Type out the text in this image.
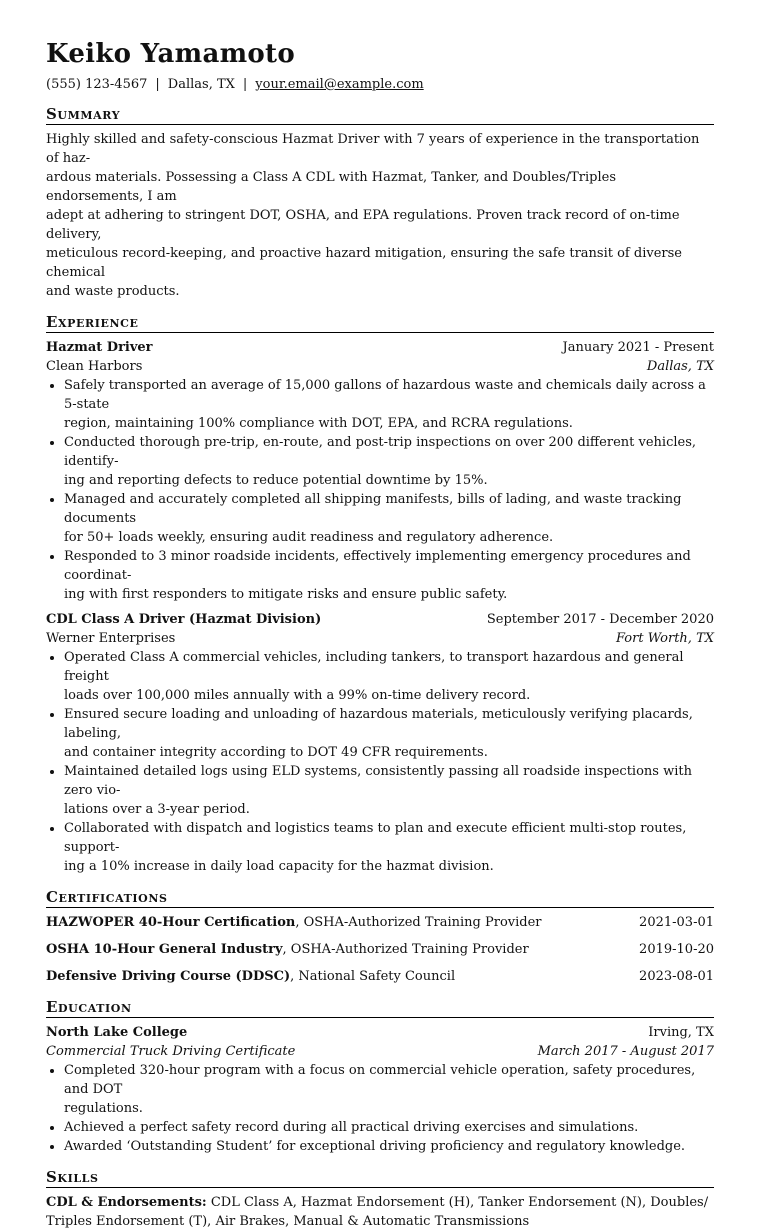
Keiko Yamamoto
(555) 123-4567 | Dallas, TX | your.email@example.com
Summary
Highly skilled and safety-conscious Hazmat Driver with 7 years of experience in the transportation of haz-
ardous materials. Possessing a Class A CDL with Hazmat, Tanker, and Doubles/Triples endorsements, I am
adept at adhering to stringent DOT, OSHA, and EPA regulations. Proven track record of on-time delivery,
meticulous record-keeping, and proactive hazard mitigation, ensuring the safe transit of diverse chemical
and waste products.
Experience
Hazmat Driver	January 2021 - Present
Clean Harbors	Dallas, TX
Safely transported an average of 15,000 gallons of hazardous waste and chemicals daily across a 5-state
region, maintaining 100% compliance with DOT, EPA, and RCRA regulations.
Conducted thorough pre-trip, en-route, and post-trip inspections on over 200 different vehicles, identify-
ing and reporting defects to reduce potential downtime by 15%.
Managed and accurately completed all shipping manifests, bills of lading, and waste tracking documents
for 50+ loads weekly, ensuring audit readiness and regulatory adherence.
Responded to 3 minor roadside incidents, effectively implementing emergency procedures and coordinat-
ing with first responders to mitigate risks and ensure public safety.
CDL Class A Driver (Hazmat Division)	September 2017 - December 2020
Werner Enterprises	Fort Worth, TX
Operated Class A commercial vehicles, including tankers, to transport hazardous and general freight
loads over 100,000 miles annually with a 99% on-time delivery record.
Ensured secure loading and unloading of hazardous materials, meticulously verifying placards, labeling,
and container integrity according to DOT 49 CFR requirements.
Maintained detailed logs using ELD systems, consistently passing all roadside inspections with zero vio-
lations over a 3-year period.
Collaborated with dispatch and logistics teams to plan and execute efficient multi-stop routes, support-
ing a 10% increase in daily load capacity for the hazmat division.
Certifications
HAZWOPER 40-Hour Certification, OSHA-Authorized Training Provider	2021-03-01
OSHA 10-Hour General Industry, OSHA-Authorized Training Provider	2019-10-20
Defensive Driving Course (DDSC), National Safety Council	2023-08-01
Education
North Lake College	Irving, TX
Commercial Truck Driving Certificate	March 2017 - August 2017
Completed 320-hour program with a focus on commercial vehicle operation, safety procedures, and DOT
regulations.
Achieved a perfect safety record during all practical driving exercises and simulations.
Awarded ‘Outstanding Student’ for exceptional driving proficiency and regulatory knowledge.
Skills
CDL & Endorsements: CDL Class A, Hazmat Endorsement (H), Tanker Endorsement (N), Doubles/
Triples Endorsement (T), Air Brakes, Manual & Automatic Transmissions
